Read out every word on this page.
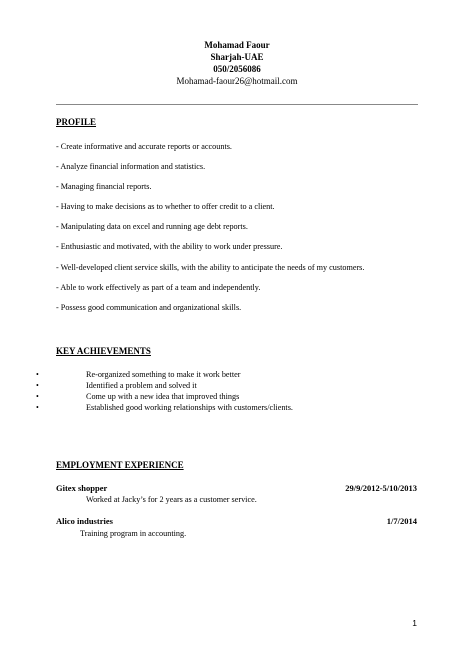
Mohamad Faour
Sharjah-UAE
050/2056086
Mohamad-faour26@hotmail.com
PROFILE
- Create informative and accurate reports or accounts.
- Analyze financial information and statistics.
- Managing financial reports.
- Having to make decisions as to whether to offer credit to a client.
- Manipulating data on excel and running age debt reports.
- Enthusiastic and motivated, with the ability to work under pressure.
- Well-developed client service skills, with the ability to anticipate the needs of my customers.
- Able to work effectively as part of a team and independently.
- Possess good communication and organizational skills.
KEY ACHIEVEMENTS
•	Re-organized something to make it work better
•	Identified a problem and solved it
•	Come up with a new idea that improved things
•	Established good working relationships with customers/clients.
EMPLOYMENT EXPERIENCE
Gitex shopper	29/9/2012-5/10/2013
Worked at Jacky’s for 2 years as a customer service.
Alico industries	1/7/2014
Training program in accounting.
1
